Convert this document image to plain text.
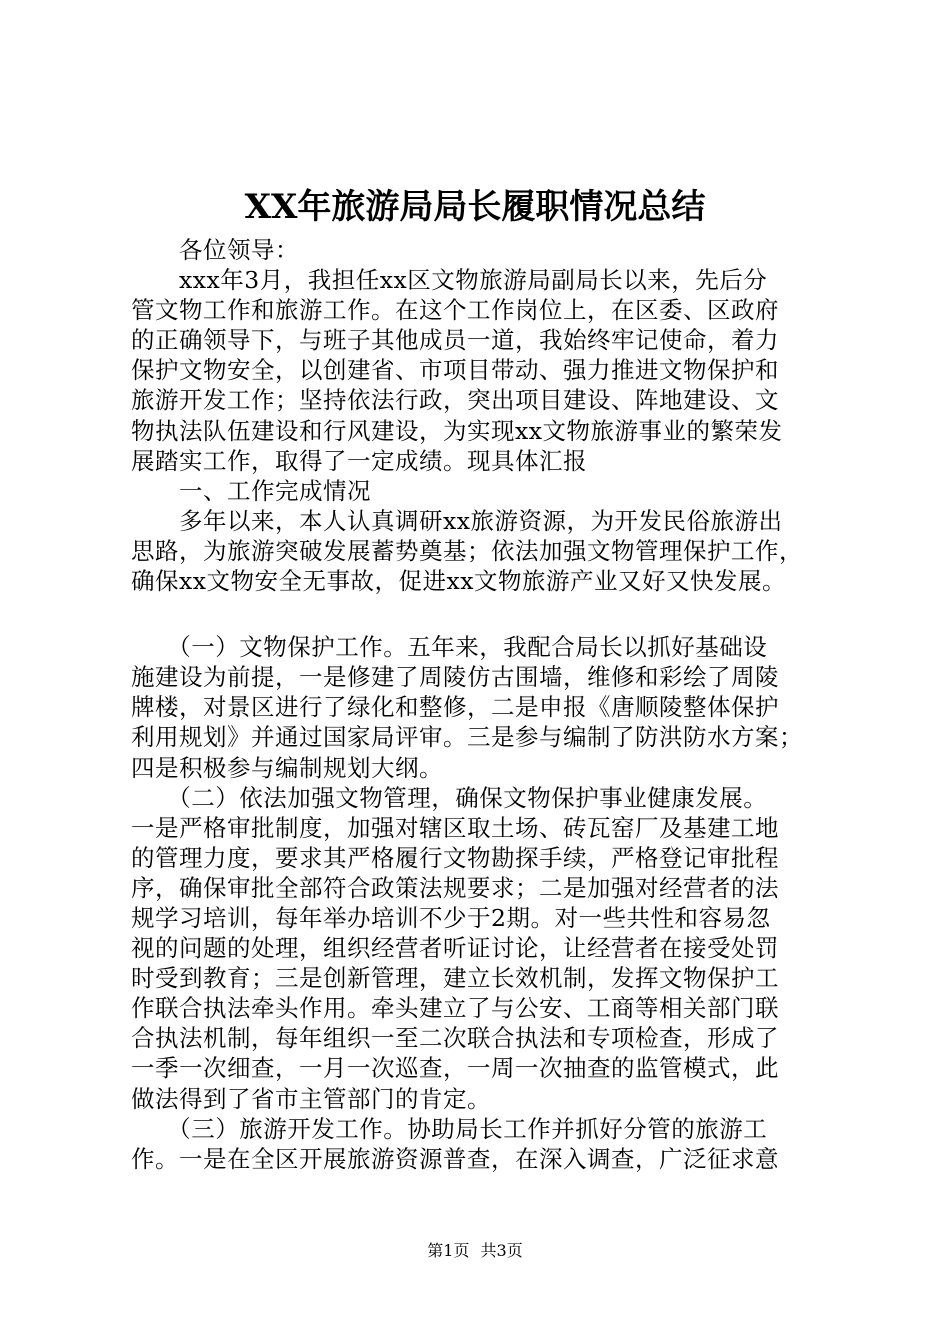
XX年旅游局局长履职情况总结
　　各位领导：
　　xxx年3月，我担任xx区文物旅游局副局长以来，先后分
管文物工作和旅游工作。在这个工作岗位上，在区委、区政府
的正确领导下，与班子其他成员一道，我始终牢记使命，着力
保护文物安全，以创建省、市项目带动、强力推进文物保护和
旅游开发工作；坚持依法行政，突出项目建设、阵地建设、文
物执法队伍建设和行风建设，为实现xx文物旅游事业的繁荣发
展踏实工作，取得了一定成绩。现具体汇报
　　一、工作完成情况
　　多年以来，本人认真调研xx旅游资源，为开发民俗旅游出
思路，为旅游突破发展蓄势奠基；依法加强文物管理保护工作，
确保xx文物安全无事故，促进xx文物旅游产业又好又快发展。
　　（一）文物保护工作。五年来，我配合局长以抓好基础设
施建设为前提，一是修建了周陵仿古围墙，维修和彩绘了周陵
牌楼，对景区进行了绿化和整修，二是申报《唐顺陵整体保护
利用规划》并通过国家局评审。三是参与编制了防洪防水方案；
四是积极参与编制规划大纲。
　　（二）依法加强文物管理，确保文物保护事业健康发展。
一是严格审批制度，加强对辖区取土场、砖瓦窑厂及基建工地
的管理力度，要求其严格履行文物勘探手续，严格登记审批程
序，确保审批全部符合政策法规要求；二是加强对经营者的法
规学习培训，每年举办培训不少于2期。对一些共性和容易忽
视的问题的处理，组织经营者听证讨论，让经营者在接受处罚
时受到教育；三是创新管理，建立长效机制，发挥文物保护工
作联合执法牵头作用。牵头建立了与公安、工商等相关部门联
合执法机制，每年组织一至二次联合执法和专项检查，形成了
一季一次细查，一月一次巡查，一周一次抽查的监管模式，此
做法得到了省市主管部门的肯定。
　　（三）旅游开发工作。协助局长工作并抓好分管的旅游工
作。一是在全区开展旅游资源普查，在深入调查，广泛征求意
第1页 共3页
